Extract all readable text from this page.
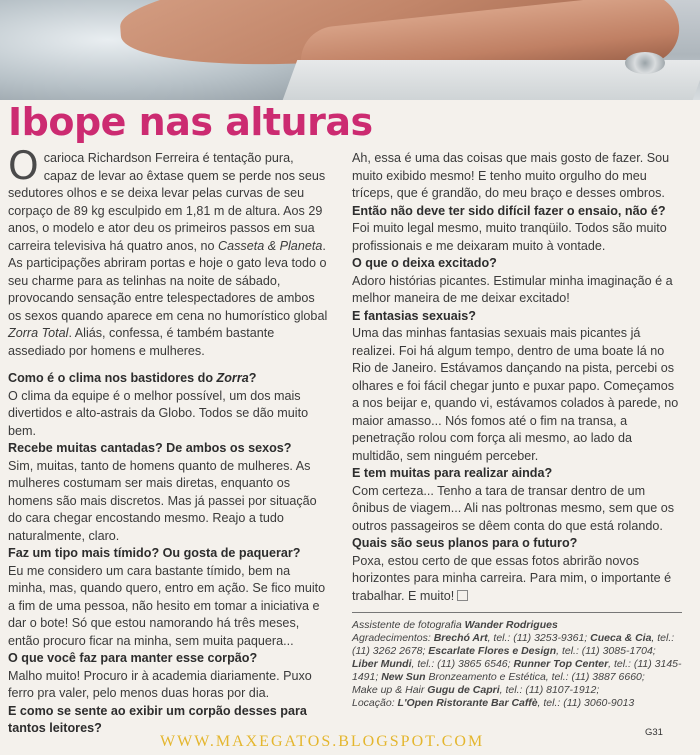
Ibope nas alturas

Ocarioca Richardson Ferreira é tentação pura, capaz de levar ao êxtase quem se perde nos seus sedutores olhos e se deixa levar pelas curvas de seu corpaço de 89 kg esculpido em 1,81 m de altura. Aos 29 anos, o modelo e ator deu os primeiros passos em sua carreira televisiva há quatro anos, no Casseta & Planeta. As participações abriram portas e hoje o gato leva todo o seu charme para as telinhas na noite de sábado, provocando sensação entre telespectadores de ambos os sexos quando aparece em cena no humorístico global Zorra Total. Aliás, confessa, é também bastante assediado por homens e mulheres.

Como é o clima nos bastidores do Zorra?

O clima da equipe é o melhor possível, um dos mais divertidos e alto-astrais da Globo. Todos se dão muito bem.

Recebe muitas cantadas? De ambos os sexos?

Sim, muitas, tanto de homens quanto de mulheres. As mulheres costumam ser mais diretas, enquanto os homens são mais discretos. Mas já passei por situação do cara chegar encostando mesmo. Reajo a tudo naturalmente, claro.

Faz um tipo mais tímido? Ou gosta de paquerar?

Eu me considero um cara bastante tímido, bem na minha, mas, quando quero, entro em ação. Se fico muito a fim de uma pessoa, não hesito em tomar a iniciativa e dar o bote! Só que estou namorando há três meses, então procuro ficar na minha, sem muita paquera...

O que você faz para manter esse corpão?

Malho muito! Procuro ir à academia diariamente. Puxo ferro pra valer, pelo menos duas horas por dia.

E como se sente ao exibir um corpão desses para tantos leitores?

Ah, essa é uma das coisas que mais gosto de fazer. Sou muito exibido mesmo! E tenho muito orgulho do meu tríceps, que é grandão, do meu braço e desses ombros.

Então não deve ter sido difícil fazer o ensaio, não é?

Foi muito legal mesmo, muito tranqüilo. Todos são muito profissionais e me deixaram muito à vontade.

O que o deixa excitado?

Adoro histórias picantes. Estimular minha imaginação é a melhor maneira de me deixar excitado!

E fantasias sexuais?

Uma das minhas fantasias sexuais mais picantes já realizei. Foi há algum tempo, dentro de uma boate lá no Rio de Janeiro. Estávamos dançando na pista, percebi os olhares e foi fácil chegar junto e puxar papo. Começamos a nos beijar e, quando vi, estávamos colados à parede, no maior amasso... Nós fomos até o fim na transa, a penetração rolou com força ali mesmo, ao lado da multidão, sem ninguém perceber.

E tem muitas para realizar ainda?

Com certeza... Tenho a tara de transar dentro de um ônibus de viagem... Ali nas poltronas mesmo, sem que os outros passageiros se dêem conta do que está rolando.

Quais são seus planos para o futuro?

Poxa, estou certo de que essas fotos abrirão novos horizontes para minha carreira. Para mim, o importante é trabalhar. E muito!

Assistente de fotografia Wander Rodrigues
Agradecimentos: Brechó Art, tel.: (11) 3253-9361; Cueca & Cia, tel.: (11) 3262 2678; Escarlate Flores e Design, tel.: (11) 3085-1704; Liber Mundi, tel.: (11) 3865 6546; Runner Top Center, tel.: (11) 3145-1491; New Sun Bronzeamento e Estética, tel.: (11) 3887 6660;
Make up & Hair Gugu de Capri, tel.: (11) 8107-1912;
Locação: L'Open Ristorante Bar Caffè, tel.: (11) 3060-9013
G31
WWW.MAXEGATOS.BLOGSPOT.COM
